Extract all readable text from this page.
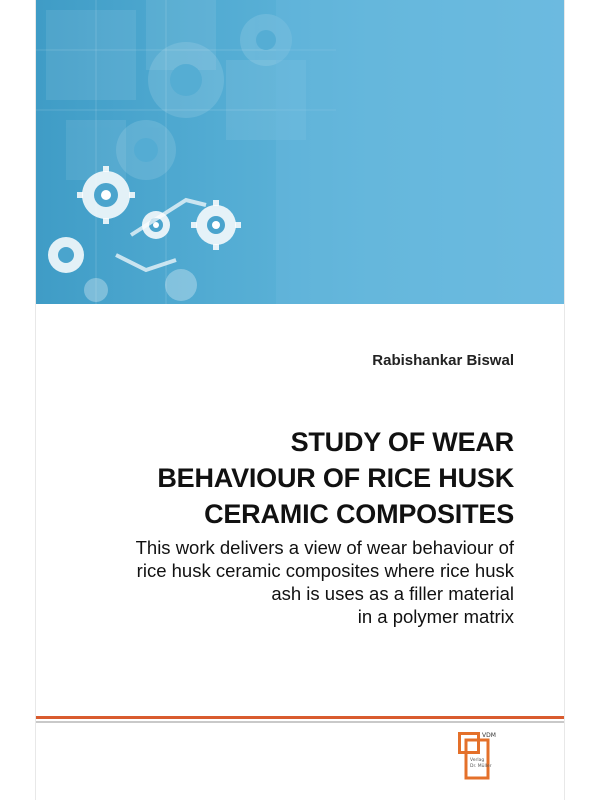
Rabishankar Biswal
STUDY OF WEAR
BEHAVIOUR OF RICE HUSK
CERAMIC COMPOSITES
This work delivers a view of wear behaviour of
rice husk ceramic composites where rice husk
ash is uses as a filler material
in a polymer matrix
VDM
Verlag
Dr. Müller
